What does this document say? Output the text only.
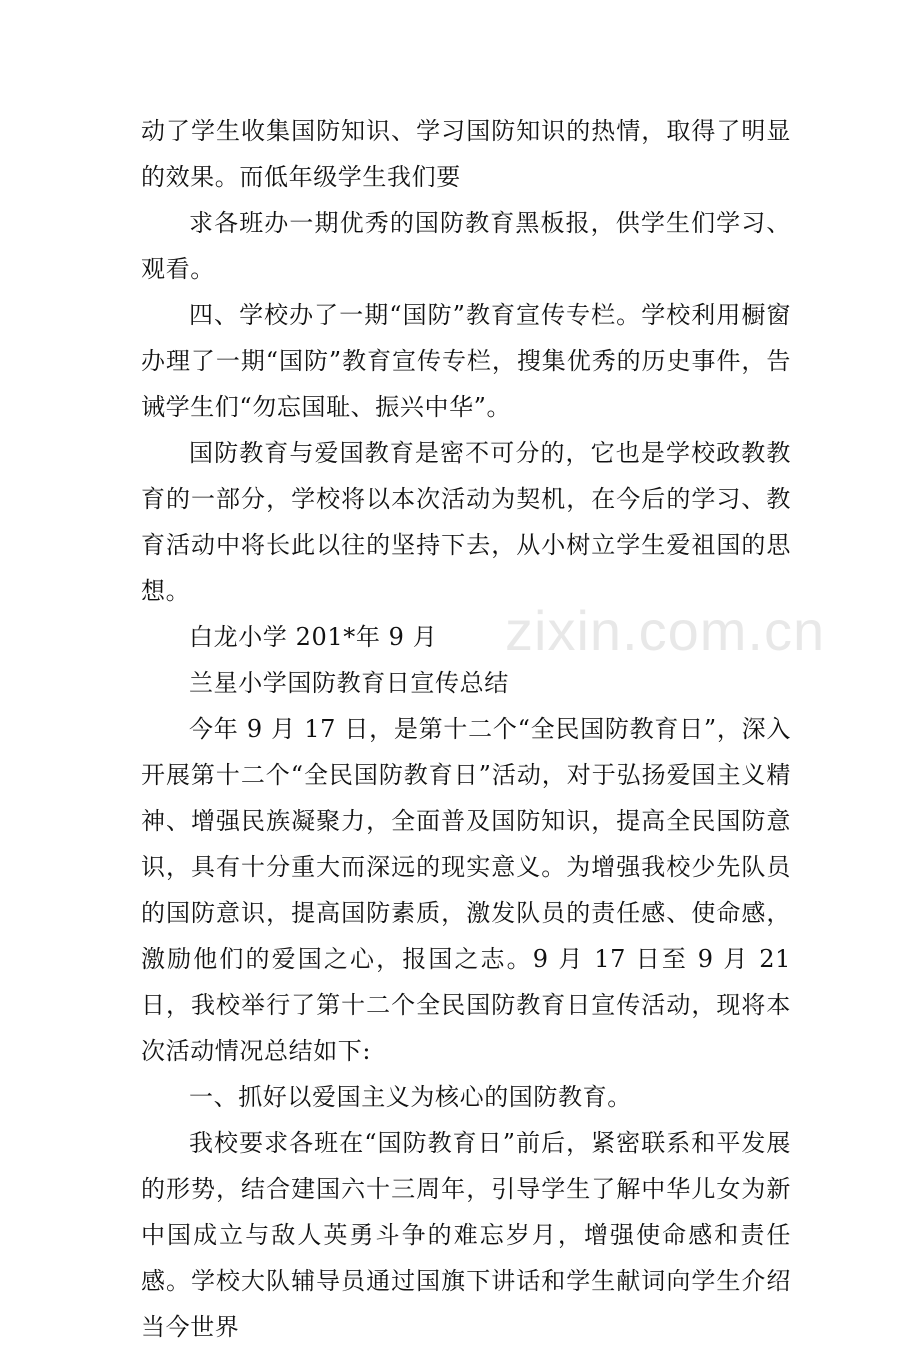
动了学生收集国防知识、学习国防知识的热情，取得了明显的效果。而低年级学生我们要

求各班办一期优秀的国防教育黑板报，供学生们学习、观看。

四、学校办了一期“国防”教育宣传专栏。学校利用橱窗办理了一期“国防”教育宣传专栏，搜集优秀的历史事件，告诫学生们“勿忘国耻、振兴中华”。

国防教育与爱国教育是密不可分的，它也是学校政教教育的一部分，学校将以本次活动为契机，在今后的学习、教育活动中将长此以往的坚持下去，从小树立学生爱祖国的思想。

白龙小学 201*年 9 月

兰星小学国防教育日宣传总结

今年 9 月 17 日，是第十二个“全民国防教育日”，深入开展第十二个“全民国防教育日”活动，对于弘扬爱国主义精神、增强民族凝聚力，全面普及国防知识，提高全民国防意识，具有十分重大而深远的现实意义。为增强我校少先队员的国防意识，提高国防素质，激发队员的责任感、使命感，激励他们的爱国之心，报国之志。9 月 17 日至 9 月 21 日，我校举行了第十二个全民国防教育日宣传活动，现将本次活动情况总结如下:

一、抓好以爱国主义为核心的国防教育。

我校要求各班在“国防教育日”前后，紧密联系和平发展的形势，结合建国六十三周年，引导学生了解中华儿女为新中国成立与敌人英勇斗争的难忘岁月，增强使命感和责任感。学校大队辅导员通过国旗下讲话和学生献词向学生介绍当今世界

zixin.com.cn
